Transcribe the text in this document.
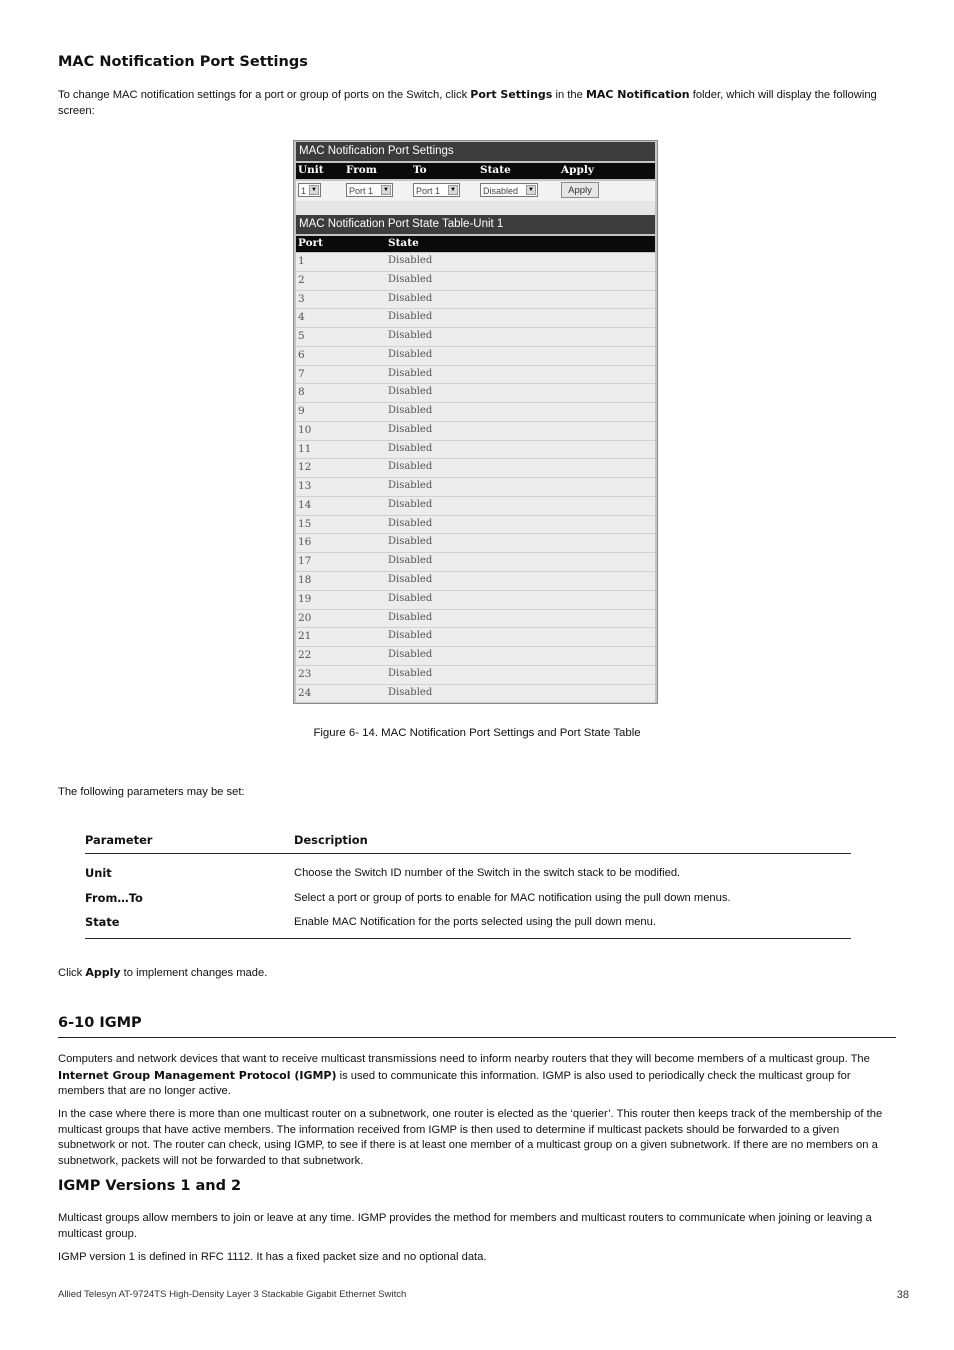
MAC Notification Port Settings

To change MAC notification settings for a port or group of ports on the Switch, click Port Settings in the MAC Notification folder, which will display the following screen:

MAC Notification Port Settings
Unit From	To	State	Apply
1 ▼	Port 1	▼	Port 1	▼	Disabled	▼	Apply
MAC Notification Port State Table-Unit 1
Port	State
1	Disabled
2	Disabled
3	Disabled
4	Disabled
5	Disabled
6	Disabled
7	Disabled
8	Disabled
9	Disabled
10	Disabled
11	Disabled
12	Disabled
13	Disabled
14	Disabled
15	Disabled
16	Disabled
17	Disabled
18	Disabled
19	Disabled
20	Disabled
21	Disabled
22	Disabled
23	Disabled
24	Disabled

Figure 6- 14. MAC Notification Port Settings and Port State Table

The following parameters may be set:

Parameter	Description
Unit	Choose the Switch ID number of the Switch in the switch stack to be modified.
From…To	Select a port or group of ports to enable for MAC notification using the pull down menus.
State	Enable MAC Notification for the ports selected using the pull down menu.

Click Apply to implement changes made.

6-10 IGMP

Computers and network devices that want to receive multicast transmissions need to inform nearby routers that they will become members of a multicast group. The Internet Group Management Protocol (IGMP) is used to communicate this information. IGMP is also used to periodically check the multicast group for members that are no longer active.

In the case where there is more than one multicast router on a subnetwork, one router is elected as the ‘querier’. This router then keeps track of the membership of the multicast groups that have active members. The information received from IGMP is then used to determine if multicast packets should be forwarded to a given subnetwork or not. The router can check, using IGMP, to see if there is at least one member of a multicast group on a given subnetwork. If there are no members on a subnetwork, packets will not be forwarded to that subnetwork.

IGMP Versions 1 and 2

Multicast groups allow members to join or leave at any time. IGMP provides the method for members and multicast routers to communicate when joining or leaving a multicast group.

IGMP version 1 is defined in RFC 1112. It has a fixed packet size and no optional data.

Allied Telesyn AT-9724TS High-Density Layer 3 Stackable Gigabit Ethernet Switch	38
